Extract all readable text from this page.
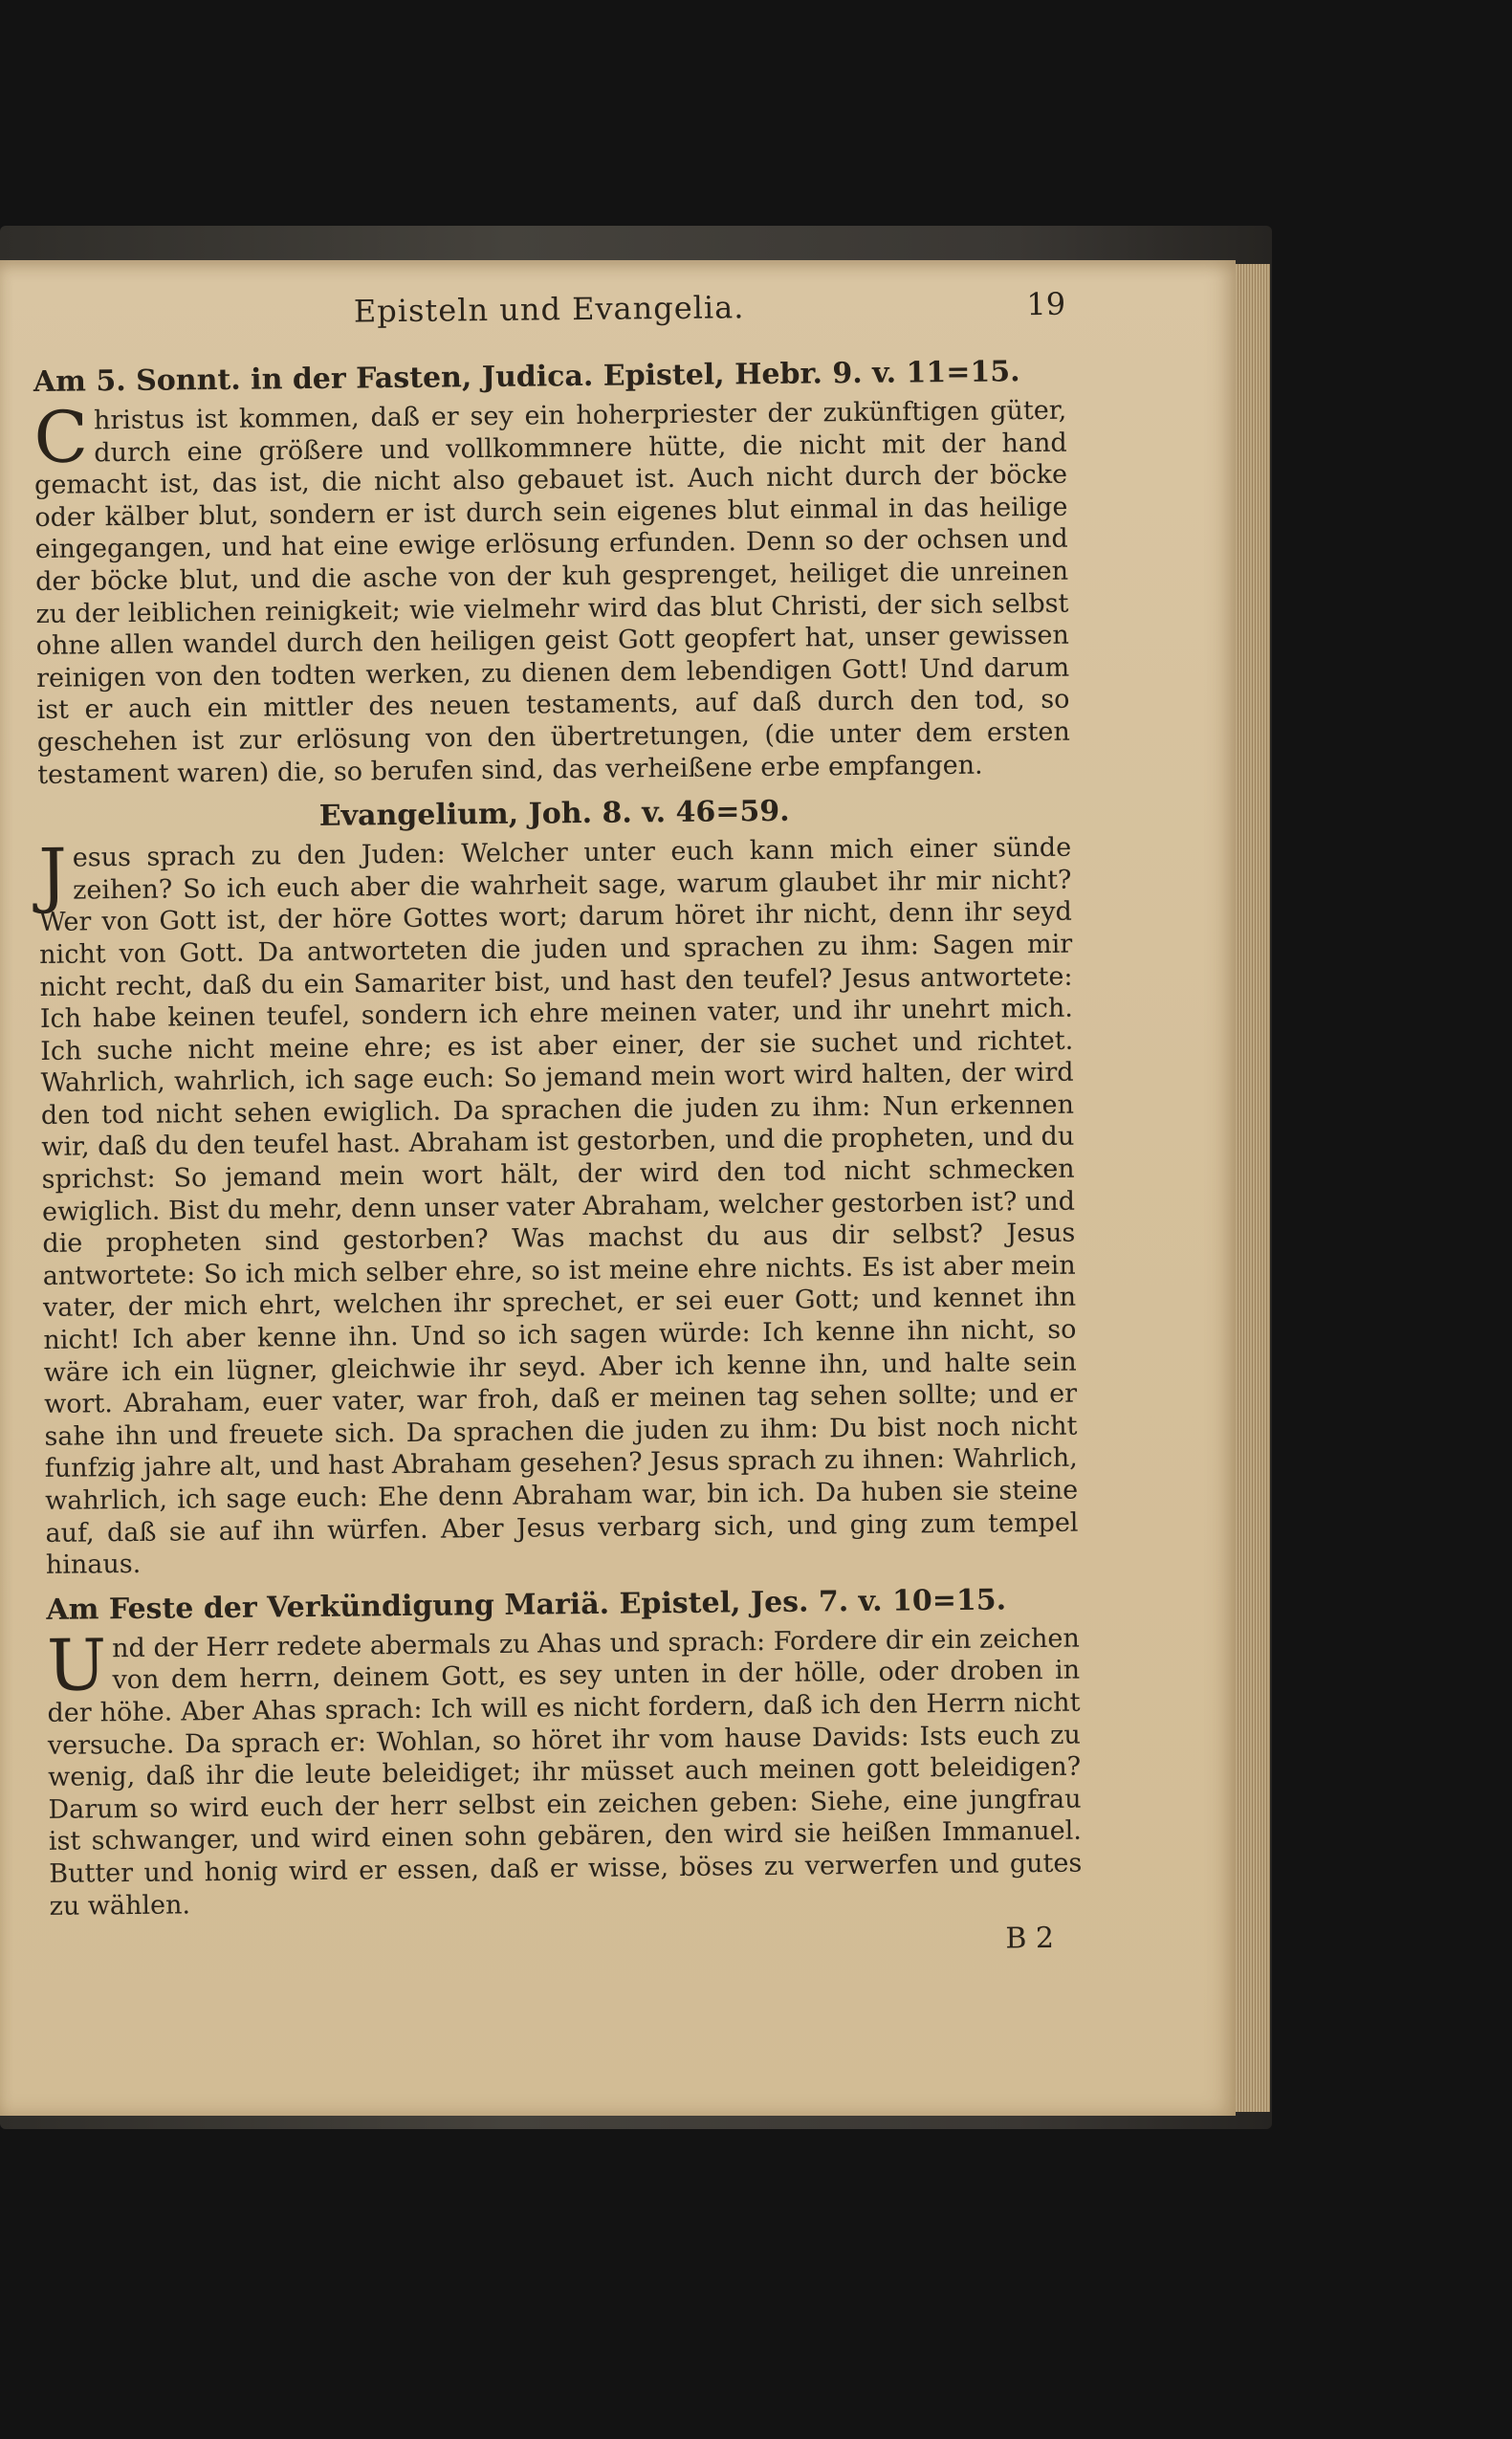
Episteln und Evangelia.	19
Am 5. Sonnt. in der Fasten, Judica. Epistel, Hebr. 9. v. 11=15.

Christus ist kommen, daß er sey ein hoherpriester der zukünftigen güter, durch eine größere und vollkommnere hütte, die nicht mit der hand gemacht ist, das ist, die nicht also gebauet ist. Auch nicht durch der böcke oder kälber blut, sondern er ist durch sein eigenes blut einmal in das heilige eingegangen, und hat eine ewige erlösung erfunden. Denn so der ochsen und der böcke blut, und die asche von der kuh gesprenget, heiliget die unreinen zu der leiblichen reinigkeit; wie vielmehr wird das blut Christi, der sich selbst ohne allen wandel durch den heiligen geist Gott geopfert hat, unser gewissen reinigen von den todten werken, zu dienen dem lebendigen Gott! Und darum ist er auch ein mittler des neuen testaments, auf daß durch den tod, so geschehen ist zur erlösung von den übertretungen, (die unter dem ersten testament waren) die, so berufen sind, das verheißene erbe empfangen.

Evangelium, Joh. 8. v. 46=59.

Jesus sprach zu den Juden: Welcher unter euch kann mich einer sünde zeihen? So ich euch aber die wahrheit sage, warum glaubet ihr mir nicht? Wer von Gott ist, der höre Gottes wort; darum höret ihr nicht, denn ihr seyd nicht von Gott. Da antworteten die juden und sprachen zu ihm: Sagen mir nicht recht, daß du ein Samariter bist, und hast den teufel? Jesus antwortete: Ich habe keinen teufel, sondern ich ehre meinen vater, und ihr unehrt mich. Ich suche nicht meine ehre; es ist aber einer, der sie suchet und richtet. Wahrlich, wahrlich, ich sage euch: So jemand mein wort wird halten, der wird den tod nicht sehen ewiglich. Da sprachen die juden zu ihm: Nun erkennen wir, daß du den teufel hast. Abraham ist gestorben, und die propheten, und du sprichst: So jemand mein wort hält, der wird den tod nicht schmecken ewiglich. Bist du mehr, denn unser vater Abraham, welcher gestorben ist? und die propheten sind gestorben? Was machst du aus dir selbst? Jesus antwortete: So ich mich selber ehre, so ist meine ehre nichts. Es ist aber mein vater, der mich ehrt, welchen ihr sprechet, er sei euer Gott; und kennet ihn nicht! Ich aber kenne ihn. Und so ich sagen würde: Ich kenne ihn nicht, so wäre ich ein lügner, gleichwie ihr seyd. Aber ich kenne ihn, und halte sein wort. Abraham, euer vater, war froh, daß er meinen tag sehen sollte; und er sahe ihn und freuete sich. Da sprachen die juden zu ihm: Du bist noch nicht funfzig jahre alt, und hast Abraham gesehen? Jesus sprach zu ihnen: Wahrlich, wahrlich, ich sage euch: Ehe denn Abraham war, bin ich. Da huben sie steine auf, daß sie auf ihn würfen. Aber Jesus verbarg sich, und ging zum tempel hinaus.

Am Feste der Verkündigung Mariä. Epistel, Jes. 7. v. 10=15.

Und der Herr redete abermals zu Ahas und sprach: Fordere dir ein zeichen von dem herrn, deinem Gott, es sey unten in der hölle, oder droben in der höhe. Aber Ahas sprach: Ich will es nicht fordern, daß ich den Herrn nicht versuche. Da sprach er: Wohlan, so höret ihr vom hause Davids: Ists euch zu wenig, daß ihr die leute beleidiget; ihr müsset auch meinen gott beleidigen? Darum so wird euch der herr selbst ein zeichen geben: Siehe, eine jungfrau ist schwanger, und wird einen sohn gebären, den wird sie heißen Immanuel. Butter und honig wird er essen, daß er wisse, böses zu verwerfen und gutes zu wählen.

B 2
